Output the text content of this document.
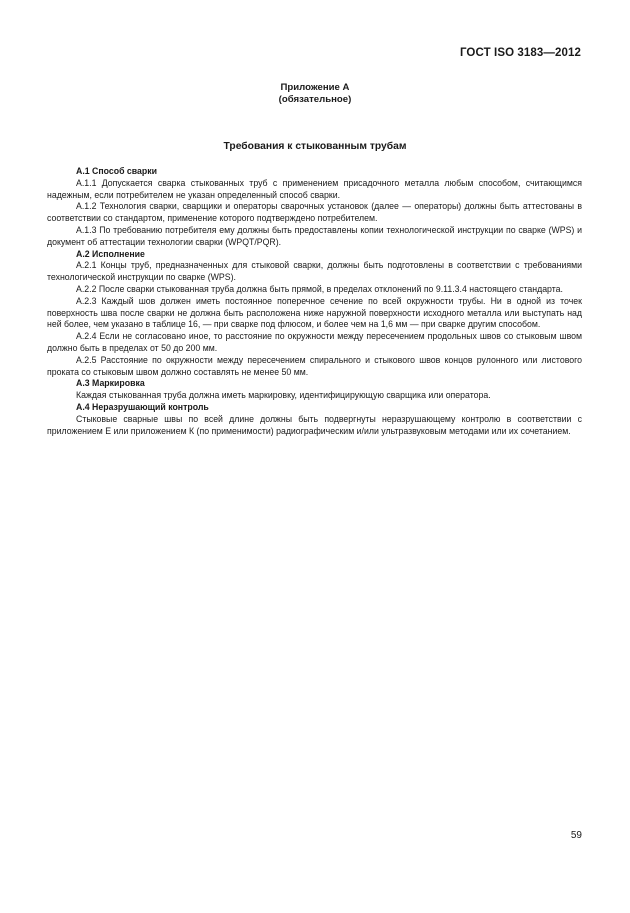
ГОСТ ISO 3183—2012
Приложение А
(обязательное)
Требования к стыкованным трубам

А.1 Способ сварки

А.1.1 Допускается сварка стыкованных труб с применением присадочного металла любым способом, считающимся надежным, если потребителем не указан определенный способ сварки.

А.1.2 Технология сварки, сварщики и операторы сварочных установок (далее — операторы) должны быть аттестованы в соответствии со стандартом, применение которого подтверждено потребителем.

А.1.3 По требованию потребителя ему должны быть предоставлены копии технологической инструкции по сварке (WPS) и документ об аттестации технологии сварки (WPQT/PQR).

А.2 Исполнение

А.2.1 Концы труб, предназначенных для стыковой сварки, должны быть подготовлены в соответствии с требованиями технологической инструкции по сварке (WPS).

А.2.2 После сварки стыкованная труба должна быть прямой, в пределах отклонений по 9.11.3.4 настоящего стандарта.

А.2.3 Каждый шов должен иметь постоянное поперечное сечение по всей окружности трубы. Ни в одной из точек поверхность шва после сварки не должна быть расположена ниже наружной поверхности исходного металла или выступать над ней более, чем указано в таблице 16, — при сварке под флюсом, и более чем на 1,6 мм — при сварке другим способом.

А.2.4 Если не согласовано иное, то расстояние по окружности между пересечением продольных швов со стыковым швом должно быть в пределах от 50 до 200 мм.

А.2.5 Расстояние по окружности между пересечением спирального и стыкового швов концов рулонного или листового проката со стыковым швом должно составлять не менее 50 мм.

А.3 Маркировка

Каждая стыкованная труба должна иметь маркировку, идентифицирующую сварщика или оператора.

А.4 Неразрушающий контроль

Стыковые сварные швы по всей длине должны быть подвергнуты неразрушающему контролю в соответствии с приложением Е или приложением К (по применимости) радиографическим и/или ультразвуковым методами или их сочетанием.

59
